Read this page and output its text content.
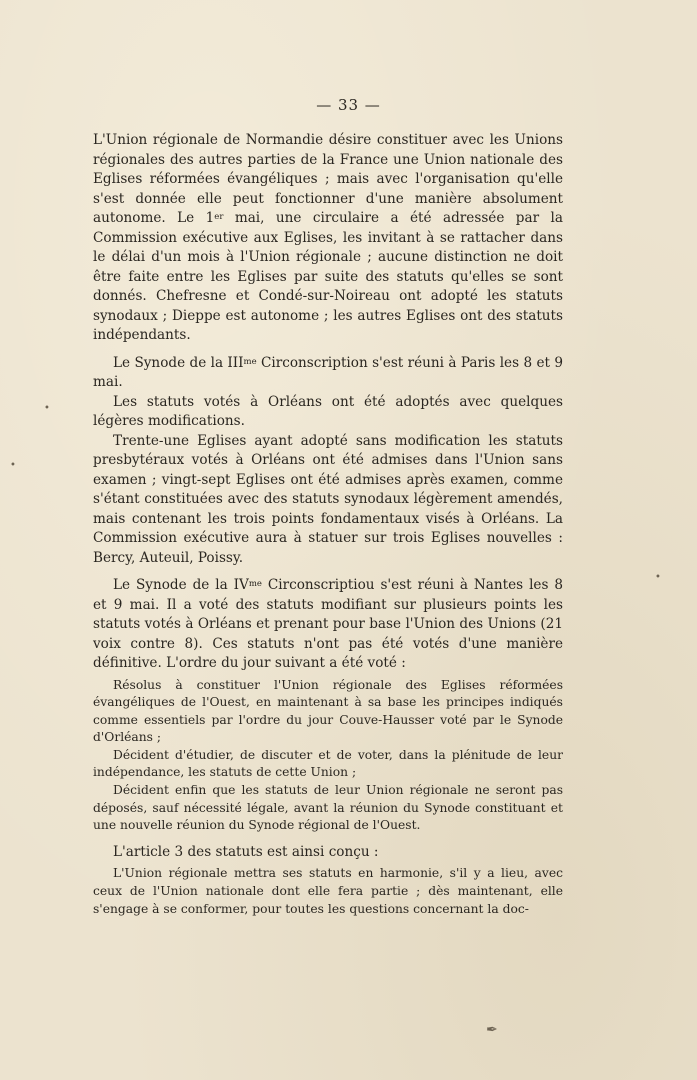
— 33 —

L'Union régionale de Normandie désire constituer avec les Unions régionales des autres parties de la France une Union nationale des Eglises réformées évangéliques ; mais avec l'organisation qu'elle s'est donnée elle peut fonctionner d'une manière absolument autonome. Le 1er mai, une circulaire a été adressée par la Commission exécutive aux Eglises, les invitant à se rattacher dans le délai d'un mois à l'Union régionale ; aucune distinction ne doit être faite entre les Eglises par suite des statuts qu'elles se sont donnés. Chefresne et Condé-sur-Noireau ont adopté les statuts synodaux ; Dieppe est autonome ; les autres Eglises ont des statuts indépendants.

Le Synode de la $III^{me}$ Circonscription s'est réuni à Paris les 8 et 9 mai.

Les statuts votés à Orléans ont été adoptés avec quelques légères modifications.

Trente-une Eglises ayant adopté sans modification les statuts presbytéraux votés à Orléans ont été admises dans l'Union sans examen ; vingt-sept Eglises ont été admises après examen, comme s'étant constituées avec des statuts synodaux légèrement amendés, mais contenant les trois points fondamentaux visés à Orléans. La Commission exécutive aura à statuer sur trois Eglises nouvelles : Bercy, Auteuil, Poissy.

Le Synode de la $IV^{me}$ Circonscriptiou s'est réuni à Nantes les 8 et 9 mai. Il a voté des statuts modifiant sur plusieurs points les statuts votés à Orléans et prenant pour base l'Union des Unions (21 voix contre 8). Ces statuts n'ont pas été votés d'une manière définitive. L'ordre du jour suivant a été voté :

Résolus à constituer l'Union régionale des Eglises réformées évangéliques de l'Ouest, en maintenant à sa base les principes indiqués comme essentiels par l'ordre du jour Couve-Hausser voté par le Synode d'Orléans ;

Décident d'étudier, de discuter et de voter, dans la plénitude de leur indépendance, les statuts de cette Union ;

Décident enfin que les statuts de leur Union régionale ne seront pas déposés, sauf nécessité légale, avant la réunion du Synode constituant et une nouvelle réunion du Synode régional de l'Ouest.

L'article 3 des statuts est ainsi conçu :

L'Union régionale mettra ses statuts en harmonie, s'il y a lieu, avec ceux de l'Union nationale dont elle fera partie ; dès maintenant, elle s'engage à se conformer, pour toutes les questions concernant la doc-

•
•
•
✒
